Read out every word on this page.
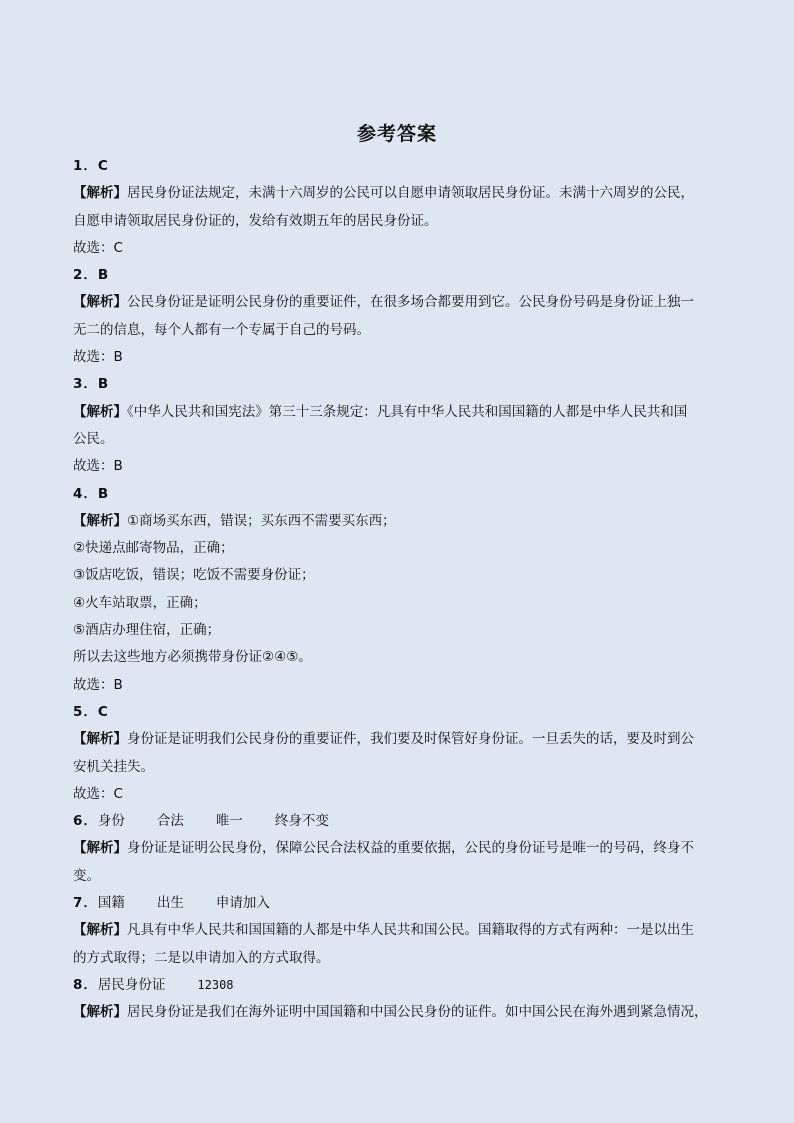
参考答案
1．C
【解析】居民身份证法规定，未满十六周岁的公民可以自愿申请领取居民身份证。未满十六周岁的公民，
自愿申请领取居民身份证的，发给有效期五年的居民身份证。
故选：C
2．B
【解析】公民身份证是证明公民身份的重要证件，在很多场合都要用到它。公民身份号码是身份证上独一
无二的信息，每个人都有一个专属于自己的号码。
故选：B
3．B
【解析】《中华人民共和国宪法》第三十三条规定：凡具有中华人民共和国国籍的人都是中华人民共和国
公民。
故选：B
4．B
【解析】①商场买东西，错误；买东西不需要买东西；
②快递点邮寄物品，正确；
③饭店吃饭，错误；吃饭不需要身份证；
④火车站取票，正确；
⑤酒店办理住宿，正确；
所以去这些地方必须携带身份证②④⑤。
故选：B
5．C
【解析】身份证是证明我们公民身份的重要证件，我们要及时保管好身份证。一旦丢失的话，要及时到公
安机关挂失。
故选：C
6．身份 合法 唯一 终身不变
【解析】身份证是证明公民身份，保障公民合法权益的重要依据，公民的身份证号是唯一的号码，终身不
变。
7．国籍 出生 申请加入
【解析】凡具有中华人民共和国国籍的人都是中华人民共和国公民。国籍取得的方式有两种：一是以出生
的方式取得；二是以申请加入的方式取得。
8．居民身份证	12308
【解析】居民身份证是我们在海外证明中国国籍和中国公民身份的证件。如中国公民在海外遇到紧急情况，
